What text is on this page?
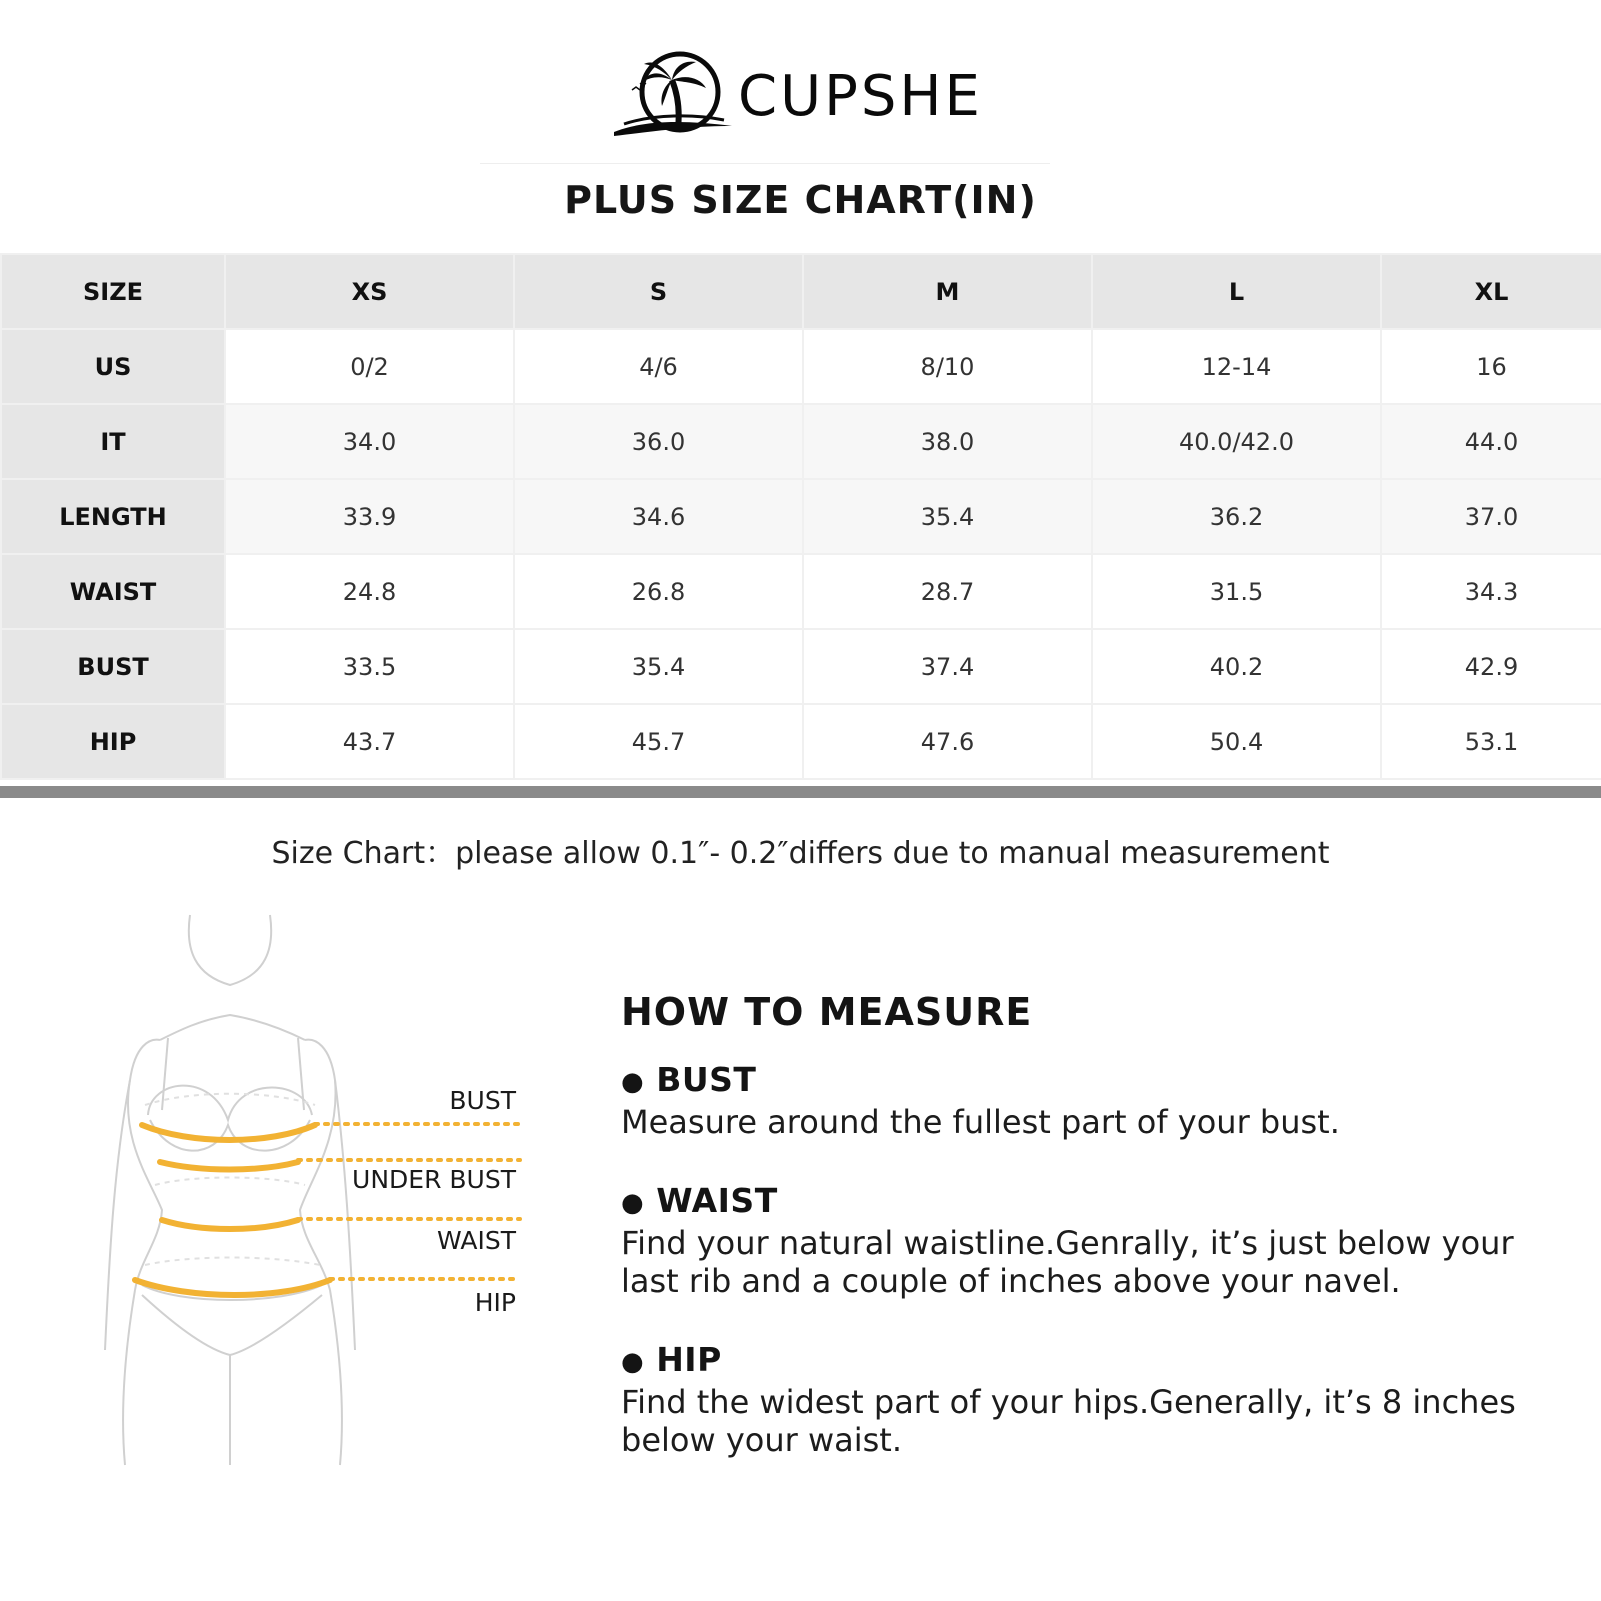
CUPSHE
PLUS SIZE CHART(IN)
SIZE	XS	S	M	L	XL
US	0/2	4/6	8/10	12-14	16
IT	34.0	36.0	38.0	40.0/42.0	44.0
LENGTH	33.9	34.6	35.4	36.2	37.0
WAIST	24.8	26.8	28.7	31.5	34.3
BUST	33.5	35.4	37.4	40.2	42.9
HIP	43.7	45.7	47.6	50.4	53.1
Size Chart：please allow 0.1″- 0.2″differs due to manual measurement
BUST
UNDER BUST
WAIST
HIP
HOW TO MEASURE
● BUST

Measure around the fullest part of your bust.

● WAIST

Find your natural waistline.Genrally, it’s just below your last rib and a couple of inches above your navel.

● HIP

Find the widest part of your hips.Generally, it’s 8 inches below your waist.
